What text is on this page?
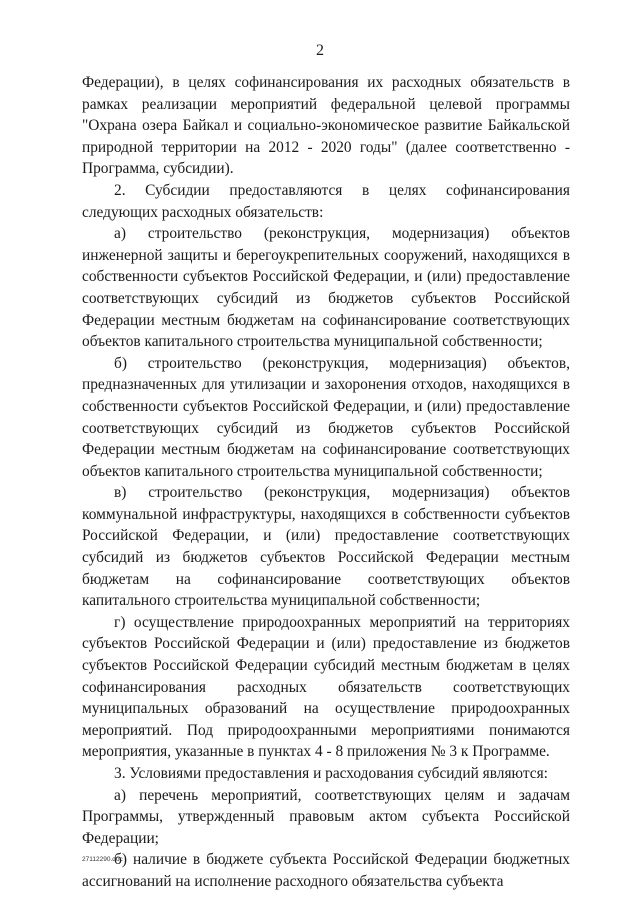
2

Федерации), в целях софинансирования их расходных обязательств в рамках реализации мероприятий федеральной целевой программы "Охрана озера Байкал и социально-экономическое развитие Байкальской природной территории на 2012 - 2020 годы" (далее соответственно - Программа, субсидии).

2. Субсидии предоставляются в целях софинансирования следующих расходных обязательств:

а) строительство (реконструкция, модернизация) объектов инженерной защиты и берегоукрепительных сооружений, находящихся в собственности субъектов Российской Федерации, и (или) предоставление соответствующих субсидий из бюджетов субъектов Российской Федерации местным бюджетам на софинансирование соответствующих объектов капитального строительства муниципальной собственности;

б) строительство (реконструкция, модернизация) объектов, предназначенных для утилизации и захоронения отходов, находящихся в собственности субъектов Российской Федерации, и (или) предоставление соответствующих субсидий из бюджетов субъектов Российской Федерации местным бюджетам на софинансирование соответствующих объектов капитального строительства муниципальной собственности;

в) строительство (реконструкция, модернизация) объектов коммунальной инфраструктуры, находящихся в собственности субъектов Российской Федерации, и (или) предоставление соответствующих субсидий из бюджетов субъектов Российской Федерации местным бюджетам на софинансирование соответствующих объектов капитального строительства муниципальной собственности;

г) осуществление природоохранных мероприятий на территориях субъектов Российской Федерации и (или) предоставление из бюджетов субъектов Российской Федерации субсидий местным бюджетам в целях софинансирования расходных обязательств соответствующих муниципальных образований на осуществление природоохранных мероприятий. Под природоохранными мероприятиями понимаются мероприятия, указанные в пунктах 4 - 8 приложения № 3 к Программе.

3. Условиями предоставления и расходования субсидий являются:

а) перечень мероприятий, соответствующих целям и задачам Программы, утвержденный правовым актом субъекта Российской Федерации;

б) наличие в бюджете субъекта Российской Федерации бюджетных ассигнований на исполнение расходного обязательства субъекта

27112290.doc
